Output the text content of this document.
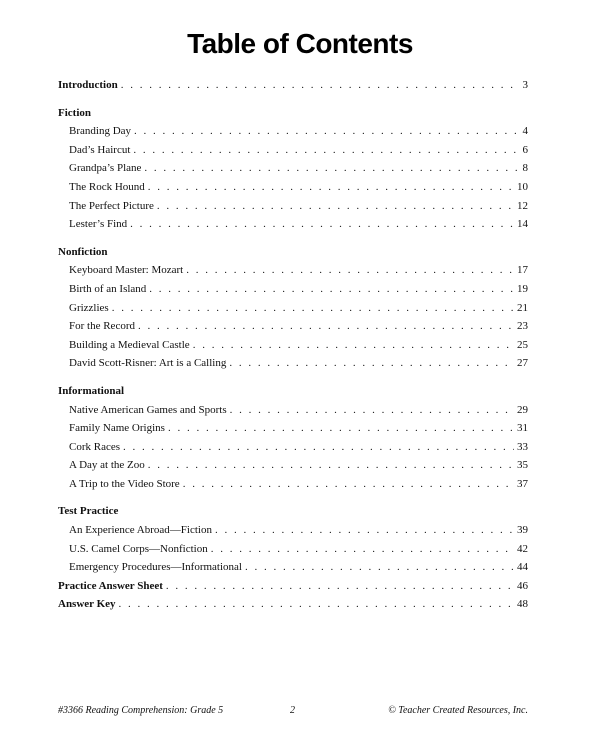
Table of Contents
Introduction . . .	3
Fiction
Branding Day . . .	4
Dad’s Haircut . . .	6
Grandpa’s Plane . . .	8
The Rock Hound . . .	10
The Perfect Picture . . .	12
Lester’s Find . . .	14
Nonfiction
Keyboard Master: Mozart . . .	17
Birth of an Island . . .	19
Grizzlies . . .	21
For the Record . . .	23
Building a Medieval Castle . . .	25
David Scott-Risner: Art is a Calling . . .	27
Informational
Native American Games and Sports . . .	29
Family Name Origins . . .	31
Cork Races . . .	33
A Day at the Zoo . . .	35
A Trip to the Video Store . . .	37
Test Practice
An Experience Abroad—Fiction . . .	39
U.S. Camel Corps—Nonfiction . . .	42
Emergency Procedures—Informational . . .	44
Practice Answer Sheet . . .	46
Answer Key . . .	48
#3366 Reading Comprehension: Grade 5	2	© Teacher Created Resources, Inc.
